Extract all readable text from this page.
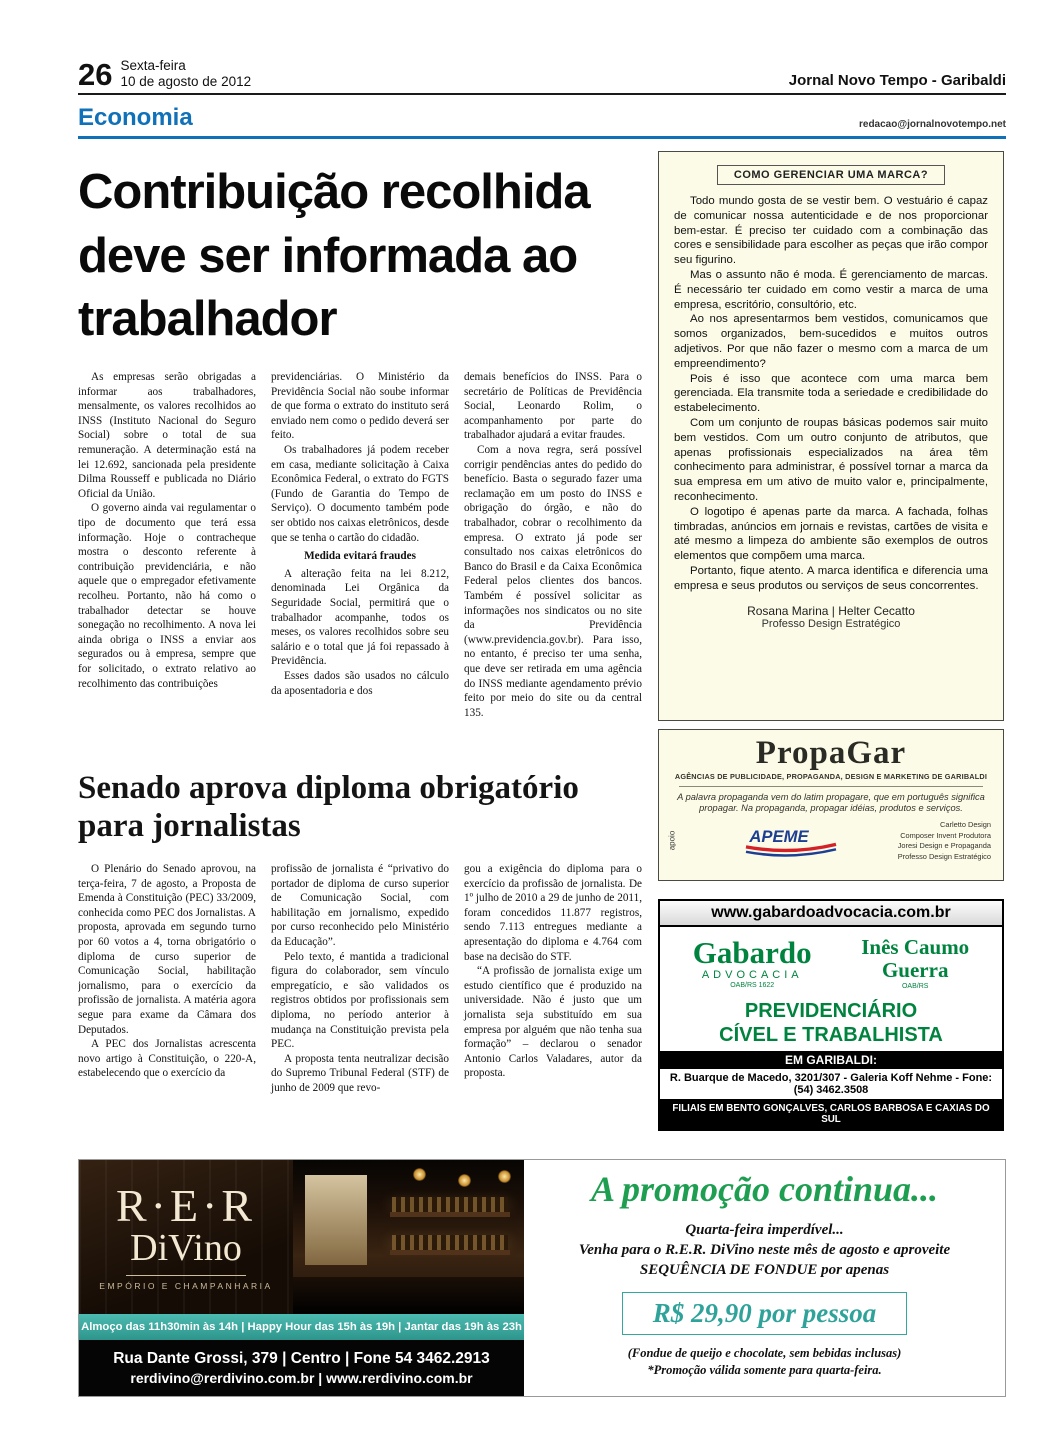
26 Sexta-feira
10 de agosto de 2012	Jornal Novo Tempo - Garibaldi
Economia	redacao@jornalnovotempo.net
Contribuição recolhida deve ser informada ao trabalhador

As empresas serão obrigadas a informar aos trabalhadores, mensalmente, os valores recolhidos ao INSS (Instituto Nacional do Seguro Social) sobre o total de sua remuneração. A determinação está na lei 12.692, sancionada pela presidente Dilma Rousseff e publicada no Diário Oficial da União.

O governo ainda vai regulamentar o tipo de documento que terá essa informação. Hoje o contracheque mostra o desconto referente à contribuição previdenciária, e não aquele que o empregador efetivamente recolheu. Portanto, não há como o trabalhador detectar se houve sonegação no recolhimento. A nova lei ainda obriga o INSS a enviar aos segurados ou à empresa, sempre que for solicitado, o extrato relativo ao recolhimento das contribuições

previdenciárias. O Ministério da Previdência Social não soube informar de que forma o extrato do instituto será enviado nem como o pedido deverá ser feito.

Os trabalhadores já podem receber em casa, mediante solicitação à Caixa Econômica Federal, o extrato do FGTS (Fundo de Garantia do Tempo de Serviço). O documento também pode ser obtido nos caixas eletrônicos, desde que se tenha o cartão do cidadão.

Medida evitará fraudes

A alteração feita na lei 8.212, denominada Lei Orgânica da Seguridade Social, permitirá que o trabalhador acompanhe, todos os meses, os valores recolhidos sobre seu salário e o total que já foi repassado à Previdência.

Esses dados são usados no cálculo da aposentadoria e dos

demais benefícios do INSS. Para o secretário de Políticas de Previdência Social, Leonardo Rolim, o acompanhamento por parte do trabalhador ajudará a evitar fraudes.

Com a nova regra, será possível corrigir pendências antes do pedido do benefício. Basta o segurado fazer uma reclamação em um posto do INSS e obrigação do órgão, e não do trabalhador, cobrar o recolhimento da empresa. O extrato já pode ser consultado nos caixas eletrônicos do Banco do Brasil e da Caixa Econômica Federal pelos clientes dos bancos. Também é possível solicitar as informações nos sindicatos ou no site da Previdência (www.previdencia.gov.br). Para isso, no entanto, é preciso ter uma senha, que deve ser retirada em uma agência do INSS mediante agendamento prévio feito por meio do site ou da central 135.

Senado aprova diploma obrigatório para jornalistas

O Plenário do Senado aprovou, na terça-feira, 7 de agosto, a Proposta de Emenda à Constituição (PEC) 33/2009, conhecida como PEC dos Jornalistas. A proposta, aprovada em segundo turno por 60 votos a 4, torna obrigatório o diploma de curso superior de Comunicação Social, habilitação jornalismo, para o exercício da profissão de jornalista. A matéria agora segue para exame da Câmara dos Deputados.

A PEC dos Jornalistas acrescenta novo artigo à Constituição, o 220-A, estabelecendo que o exercício da

profissão de jornalista é “privativo do portador de diploma de curso superior de Comunicação Social, com habilitação em jornalismo, expedido por curso reconhecido pelo Ministério da Educação”.

Pelo texto, é mantida a tradicional figura do colaborador, sem vínculo empregatício, e são validados os registros obtidos por profissionais sem diploma, no período anterior à mudança na Constituição prevista pela PEC.

A proposta tenta neutralizar decisão do Supremo Tribunal Federal (STF) de junho de 2009 que revo-

gou a exigência do diploma para o exercício da profissão de jornalista. De 1º julho de 2010 a 29 de junho de 2011, foram concedidos 11.877 registros, sendo 7.113 entregues mediante a apresentação do diploma e 4.764 com base na decisão do STF.

“A profissão de jornalista exige um estudo científico que é produzido na universidade. Não é justo que um jornalista seja substituído em sua empresa por alguém que não tenha sua formação” – declarou o senador Antonio Carlos Valadares, autor da proposta.

COMO GERENCIAR UMA MARCA?

Todo mundo gosta de se vestir bem. O vestuário é capaz de comunicar nossa autenticidade e de nos proporcionar bem-estar. É preciso ter cuidado com a combinação das cores e sensibilidade para escolher as peças que irão compor seu figurino.

Mas o assunto não é moda. É gerenciamento de marcas. É necessário ter cuidado em como vestir a marca de uma empresa, escritório, consultório, etc.

Ao nos apresentarmos bem vestidos, comunicamos que somos organizados, bem-sucedidos e muitos outros adjetivos. Por que não fazer o mesmo com a marca de um empreendimento?

Pois é isso que acontece com uma marca bem gerenciada. Ela transmite toda a seriedade e credibilidade do estabelecimento.

Com um conjunto de roupas básicas podemos sair muito bem vestidos. Com um outro conjunto de atributos, que apenas profissionais especializados na área têm conhecimento para administrar, é possível tornar a marca da sua empresa em um ativo de muito valor e, principalmente, reconhecimento.

O logotipo é apenas parte da marca. A fachada, folhas timbradas, anúncios em jornais e revistas, cartões de visita e até mesmo a limpeza do ambiente são exemplos de outros elementos que compõem uma marca.

Portanto, fique atento. A marca identifica e diferencia uma empresa e seus produtos ou serviços de seus concorrentes.

Rosana Marina | Helter Cecatto
Professo Design Estratégico
PropaGar
AGÊNCIAS DE PUBLICIDADE, PROPAGANDA, DESIGN E MARKETING DE GARIBALDI
A palavra propaganda vem do latim propagare, que em português significa propagar. Na propaganda, propagar idéias, produtos e serviços.
apoio	APEME
Carletto Design
Composer Invent Produtora
Joresi Design e Propaganda
Professo Design Estratégico
www.gabardoadvocacia.com.br
Gabardo
ADVOCACIA
OAB/RS 1622
Inês Caumo
Guerra
OAB/RS
PREVIDENCIÁRIO
CÍVEL E TRABALHISTA
EM GARIBALDI:
R. Buarque de Macedo, 3201/307 - Galeria Koff Nehme - Fone: (54) 3462.3508
FILIAIS EM BENTO GONÇALVES, CARLOS BARBOSA E CAXIAS DO SUL
R·E·R
DiVino
EMPÓRIO E CHAMPANHARIA
Almoço das 11h30min às 14h | Happy Hour das 15h às 19h | Jantar das 19h às 23h
Rua Dante Grossi, 379 | Centro | Fone 54 3462.2913
rerdivino@rerdivino.com.br | www.rerdivino.com.br
A promoção continua...
Quarta-feira imperdível...
Venha para o R.E.R. DiVino neste mês de agosto e aproveite
SEQUÊNCIA DE FONDUE por apenas
R$ 29,90 por pessoa
(Fondue de queijo e chocolate, sem bebidas inclusas)
*Promoção válida somente para quarta-feira.
